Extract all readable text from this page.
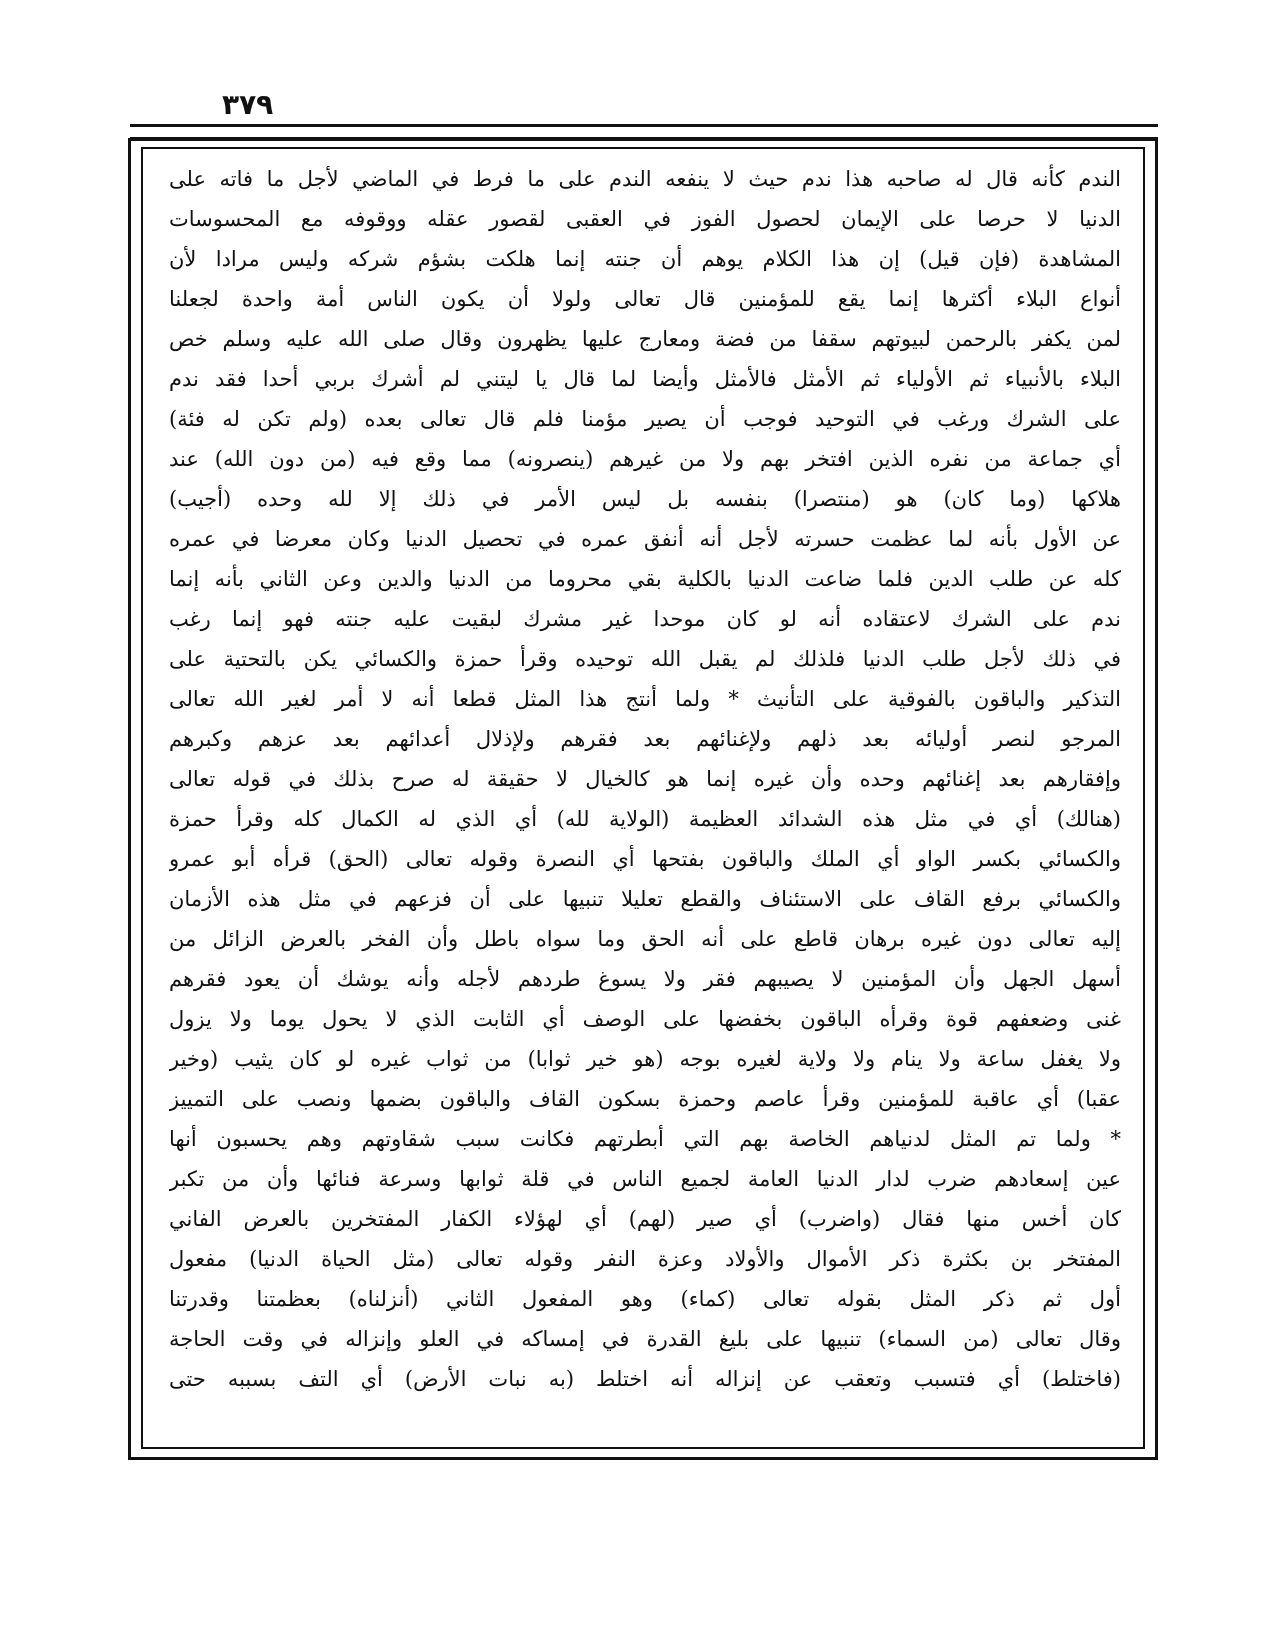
٣٧٩
الندم كأنه قال له صاحبه هذا ندم حيث لا ينفعه الندم على ما فرط في الماضي لأجل ما فاته على
الدنيا لا حرصا على الإيمان لحصول الفوز في العقبى لقصور عقله ووقوفه مع المحسوسات
المشاهدة (فإن قيل) إن هذا الكلام يوهم أن جنته إنما هلكت بشؤم شركه وليس مرادا لأن
أنواع البلاء أكثرها إنما يقع للمؤمنين قال تعالى ولولا أن يكون الناس أمة واحدة لجعلنا
لمن يكفر بالرحمن لبيوتهم سقفا من فضة ومعارج عليها يظهرون وقال صلى الله عليه وسلم خص
البلاء بالأنبياء ثم الأولياء ثم الأمثل فالأمثل وأيضا لما قال يا ليتني لم أشرك بربي أحدا فقد ندم
على الشرك ورغب في التوحيد فوجب أن يصير مؤمنا فلم قال تعالى بعده (ولم تكن له فئة)
أي جماعة من نفره الذين افتخر بهم ولا من غيرهم (ينصرونه) مما وقع فيه (من دون الله) عند
هلاكها (وما كان) هو (منتصرا) بنفسه بل ليس الأمر في ذلك إلا لله وحده (أجيب)
عن الأول بأنه لما عظمت حسرته لأجل أنه أنفق عمره في تحصيل الدنيا وكان معرضا في عمره
كله عن طلب الدين فلما ضاعت الدنيا بالكلية بقي محروما من الدنيا والدين وعن الثاني بأنه إنما
ندم على الشرك لاعتقاده أنه لو كان موحدا غير مشرك لبقيت عليه جنته فهو إنما رغب
في ذلك لأجل طلب الدنيا فلذلك لم يقبل الله توحيده وقرأ حمزة والكسائي يكن بالتحتية على
التذكير والباقون بالفوقية على التأنيث * ولما أنتج هذا المثل قطعا أنه لا أمر لغير الله تعالى
المرجو لنصر أوليائه بعد ذلهم ولإغنائهم بعد فقرهم ولإذلال أعدائهم بعد عزهم وكبرهم
وإفقارهم بعد إغنائهم وحده وأن غيره إنما هو كالخيال لا حقيقة له صرح بذلك في قوله تعالى
(هنالك) أي في مثل هذه الشدائد العظيمة (الولاية لله) أي الذي له الكمال كله وقرأ حمزة
والكسائي بكسر الواو أي الملك والباقون بفتحها أي النصرة وقوله تعالى (الحق) قرأه أبو عمرو
والكسائي برفع القاف على الاستئناف والقطع تعليلا تنبيها على أن فزعهم في مثل هذه الأزمان
إليه تعالى دون غيره برهان قاطع على أنه الحق وما سواه باطل وأن الفخر بالعرض الزائل من
أسهل الجهل وأن المؤمنين لا يصيبهم فقر ولا يسوغ طردهم لأجله وأنه يوشك أن يعود فقرهم
غنى وضعفهم قوة وقرأه الباقون بخفضها على الوصف أي الثابت الذي لا يحول يوما ولا يزول
ولا يغفل ساعة ولا ينام ولا ولاية لغيره بوجه (هو خير ثوابا) من ثواب غيره لو كان يثيب (وخير
عقبا) أي عاقبة للمؤمنين وقرأ عاصم وحمزة بسكون القاف والباقون بضمها ونصب على التمييز
* ولما تم المثل لدنياهم الخاصة بهم التي أبطرتهم فكانت سبب شقاوتهم وهم يحسبون أنها
عين إسعادهم ضرب لدار الدنيا العامة لجميع الناس في قلة ثوابها وسرعة فنائها وأن من تكبر
كان أخس منها فقال (واضرب) أي صير (لهم) أي لهؤلاء الكفار المفتخرين بالعرض الفاني
المفتخر بن بكثرة ذكر الأموال والأولاد وعزة النفر وقوله تعالى (مثل الحياة الدنيا) مفعول
أول ثم ذكر المثل بقوله تعالى (كماء) وهو المفعول الثاني (أنزلناه) بعظمتنا وقدرتنا
وقال تعالى (من السماء) تنبيها على بليغ القدرة في إمساكه في العلو وإنزاله في وقت الحاجة
(فاختلط) أي فتسبب وتعقب عن إنزاله أنه اختلط (به نبات الأرض) أي التف بسببه حتى
